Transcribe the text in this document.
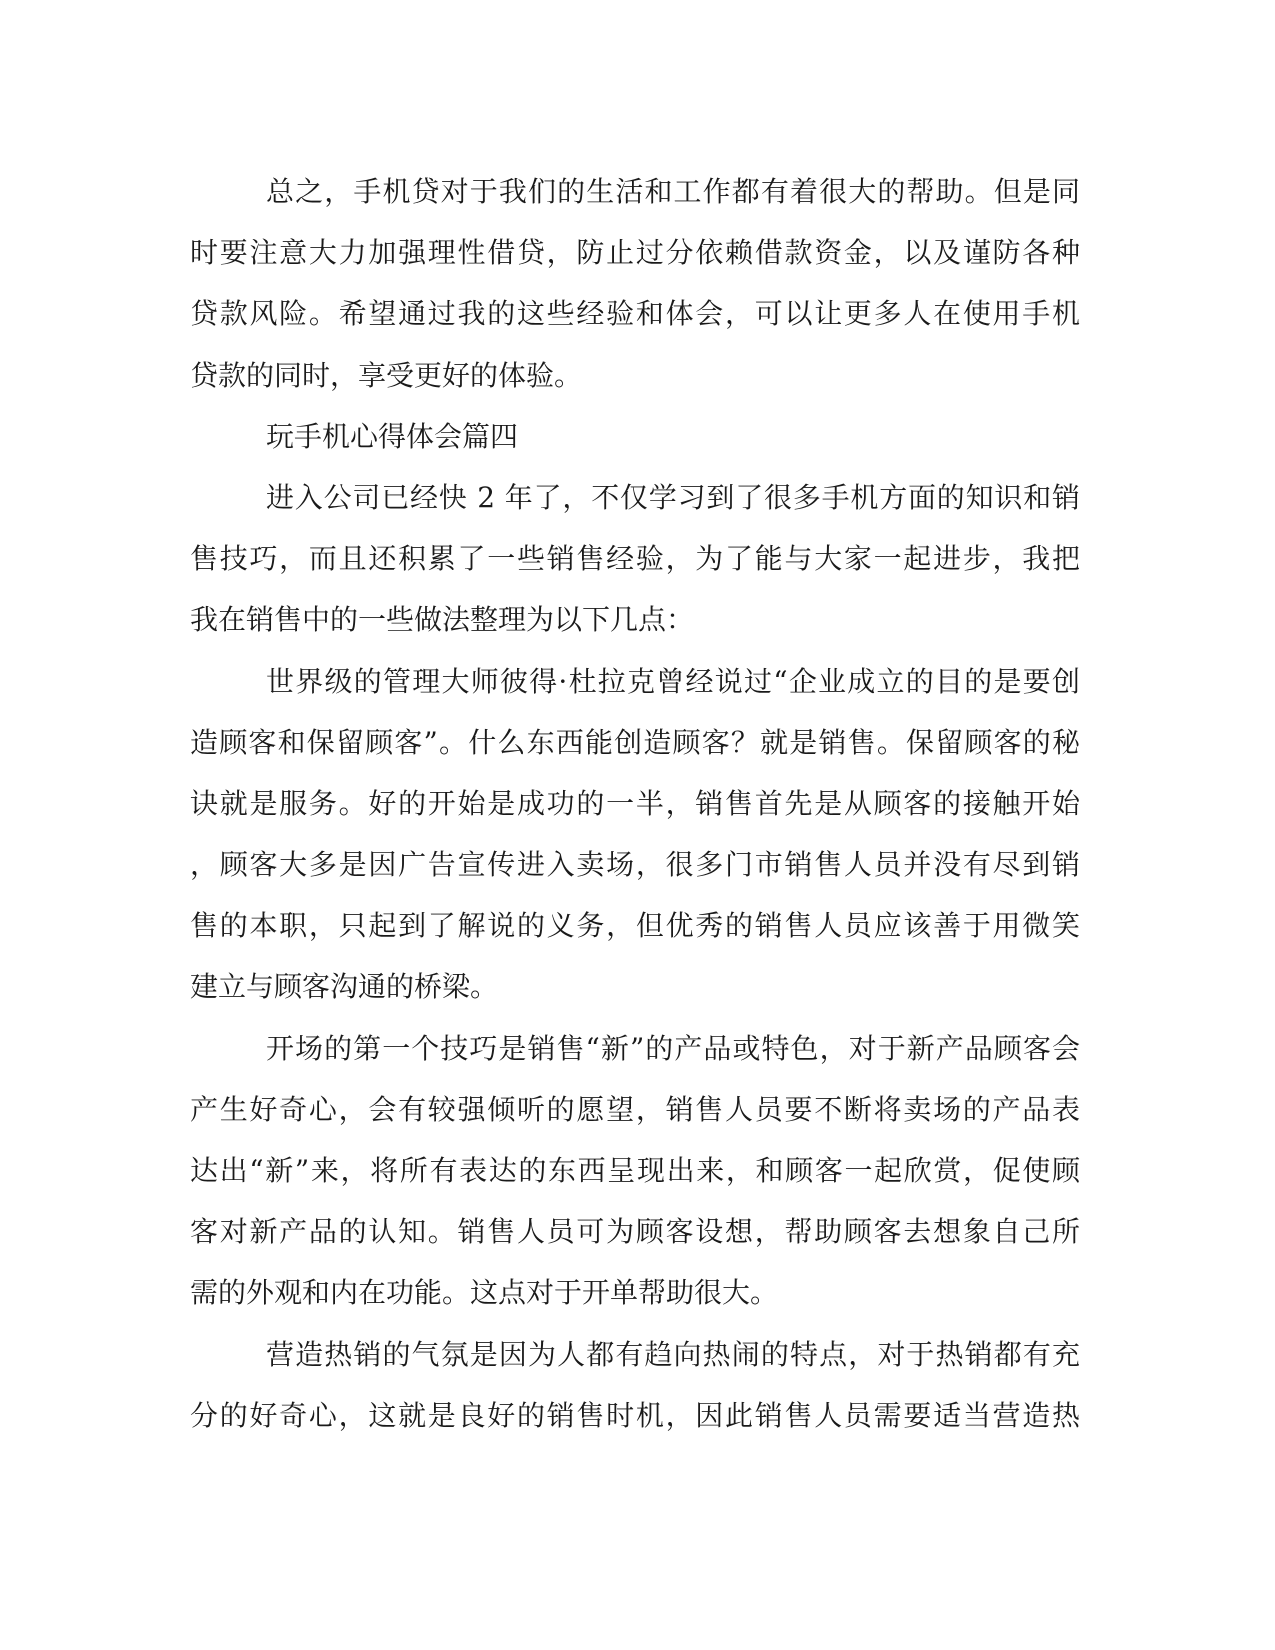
总之，手机贷对于我们的生活和工作都有着很大的帮助。但是同
时要注意大力加强理性借贷，防止过分依赖借款资金，以及谨防各种
贷款风险。希望通过我的这些经验和体会，可以让更多人在使用手机
贷款的同时，享受更好的体验。
玩手机心得体会篇四
进入公司已经快 2 年了，不仅学习到了很多手机方面的知识和销
售技巧，而且还积累了一些销售经验，为了能与大家一起进步，我把
我在销售中的一些做法整理为以下几点：
世界级的管理大师彼得·杜拉克曾经说过“企业成立的目的是要创
造顾客和保留顾客”。什么东西能创造顾客？就是销售。保留顾客的秘
诀就是服务。好的开始是成功的一半，销售首先是从顾客的接触开始
，顾客大多是因广告宣传进入卖场，很多门市销售人员并没有尽到销
售的本职，只起到了解说的义务，但优秀的销售人员应该善于用微笑
建立与顾客沟通的桥梁。
开场的第一个技巧是销售“新”的产品或特色，对于新产品顾客会
产生好奇心，会有较强倾听的愿望，销售人员要不断将卖场的产品表
达出“新”来，将所有表达的东西呈现出来，和顾客一起欣赏，促使顾
客对新产品的认知。销售人员可为顾客设想，帮助顾客去想象自己所
需的外观和内在功能。这点对于开单帮助很大。
营造热销的气氛是因为人都有趋向热闹的特点，对于热销都有充
分的好奇心，这就是良好的销售时机，因此销售人员需要适当营造热
